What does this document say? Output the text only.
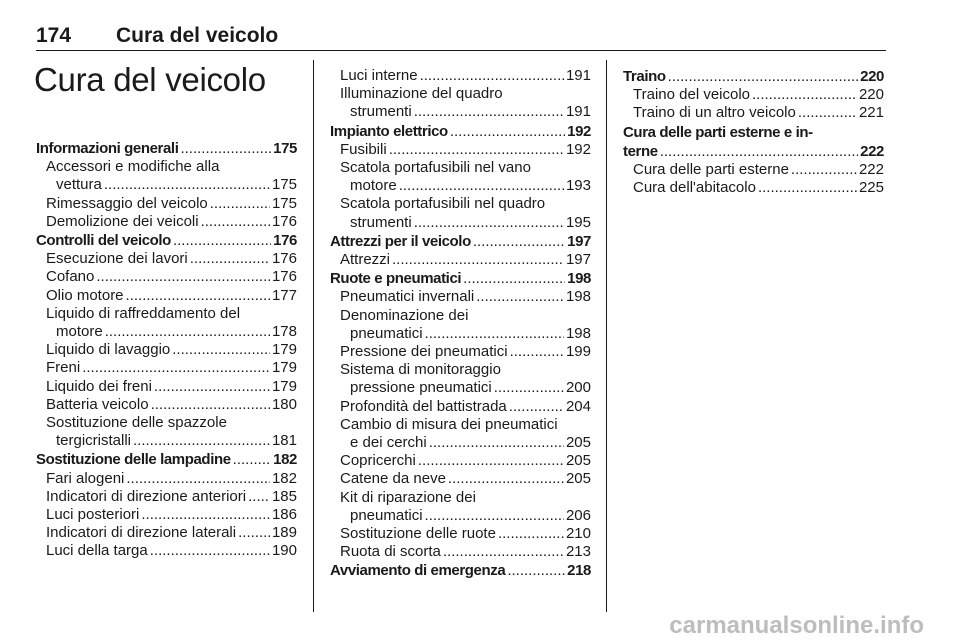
174 Cura del veicolo
Cura del veicolo
Informazioni generali .....	175
Accessori e modifiche alla
vettura .....	175
Rimessaggio del veicolo .....	175
Demolizione dei veicoli .....	176
Controlli del veicolo .....	176
Esecuzione dei lavori .....	176
Cofano .....	176
Olio motore .....	177
Liquido di raffreddamento del
motore .....	178
Liquido di lavaggio .....	179
Freni .....	179
Liquido dei freni .....	179
Batteria veicolo .....	180
Sostituzione delle spazzole
tergicristalli .....	181
Sostituzione delle lampadine .....	182
Fari alogeni .....	182
Indicatori di direzione anteriori ..... 185
Luci posteriori .....	186
Indicatori di direzione laterali ..... 189
Luci della targa .....	190
Luci interne .....	191
Illuminazione del quadro
strumenti .....	191
Impianto elettrico .....	192
Fusibili .....	192
Scatola portafusibili nel vano
motore .....	193
Scatola portafusibili nel quadro
strumenti .....	195
Attrezzi per il veicolo .....	197
Attrezzi .....	197
Ruote e pneumatici .....	198
Pneumatici invernali .....	198
Denominazione dei
pneumatici .....	198
Pressione dei pneumatici .....	199
Sistema di monitoraggio
pressione pneumatici .....	200
Profondità del battistrada .....	204
Cambio di misura dei pneumatici
e dei cerchi .....	205
Copricerchi .....	205
Catene da neve .....	205
Kit di riparazione dei
pneumatici .....	206
Sostituzione delle ruote .....	210
Ruota di scorta .....	213
Avviamento di emergenza .....	218
Traino .....	220
Traino del veicolo .....	220
Traino di un altro veicolo .....	221
Cura delle parti esterne e in-
terne .....	222
Cura delle parti esterne .....	222
Cura dell'abitacolo .....	225
carmanualsonline.info
